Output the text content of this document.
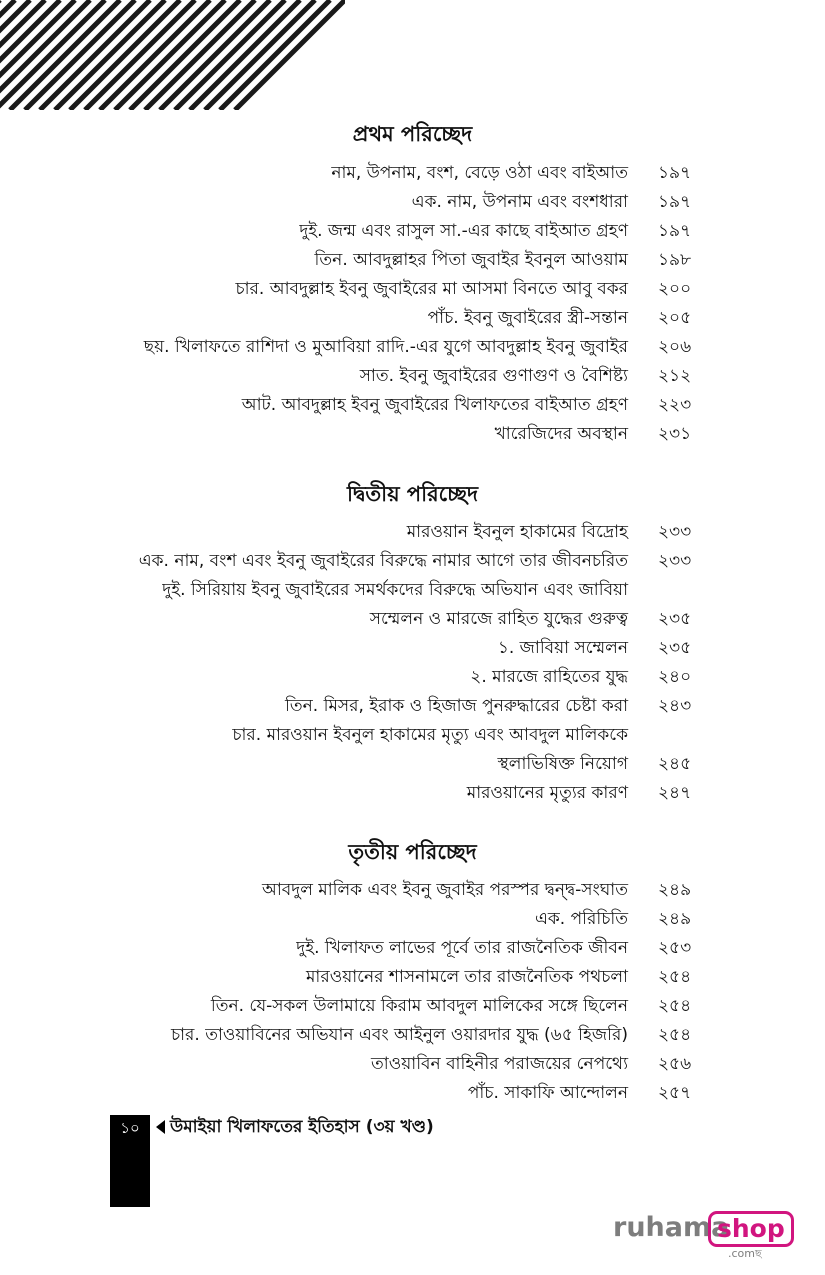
প্রথম পরিচ্ছেদ
নাম, উপনাম, বংশ, বেড়ে ওঠা এবং বাইআত ১৯৭
এক. নাম, উপনাম এবং বংশধারা ১৯৭
দুই. জন্ম এবং রাসুল সা.-এর কাছে বাইআত গ্রহণ ১৯৭
তিন. আবদুল্লাহর পিতা জুবাইর ইবনুল আওয়াম ১৯৮
চার. আবদুল্লাহ ইবনু জুবাইরের মা আসমা বিনতে আবু বকর ২০০
পাঁচ. ইবনু জুবাইরের স্ত্রী-সন্তান ২০৫
ছয়. খিলাফতে রাশিদা ও মুআবিয়া রাদি.-এর যুগে আবদুল্লাহ ইবনু জুবাইর ২০৬
সাত. ইবনু জুবাইরের গুণাগুণ ও বৈশিষ্ট্য ২১২
আট. আবদুল্লাহ ইবনু জুবাইরের খিলাফতের বাইআত গ্রহণ ২২৩
খারেজিদের অবস্থান ২৩১
দ্বিতীয় পরিচ্ছেদ
মারওয়ান ইবনুল হাকামের বিদ্রোহ ২৩৩
এক. নাম, বংশ এবং ইবনু জুবাইরের বিরুদ্ধে নামার আগে তার জীবনচরিত ২৩৩
দুই. সিরিয়ায় ইবনু জুবাইরের সমর্থকদের বিরুদ্ধে অভিযান এবং জাবিয়া
সম্মেলন ও মারজে রাহিত যুদ্ধের গুরুত্ব ২৩৫
১. জাবিয়া সম্মেলন ২৩৫
২. মারজে রাহিতের যুদ্ধ ২৪০
তিন. মিসর, ইরাক ও হিজাজ পুনরুদ্ধারের চেষ্টা করা ২৪৩
চার. মারওয়ান ইবনুল হাকামের মৃত্যু এবং আবদুল মালিককে
স্থলাভিষিক্ত নিয়োগ ২৪৫
মারওয়ানের মৃত্যুর কারণ ২৪৭
তৃতীয় পরিচ্ছেদ
আবদুল মালিক এবং ইবনু জুবাইর পরস্পর দ্বন্দ্ব-সংঘাত ২৪৯
এক. পরিচিতি ২৪৯
দুই. খিলাফত লাভের পূর্বে তার রাজনৈতিক জীবন ২৫৩
মারওয়ানের শাসনামলে তার রাজনৈতিক পথচলা ২৫৪
তিন. যে-সকল উলামায়ে কিরাম আবদুল মালিকের সঙ্গে ছিলেন ২৫৪
চার. তাওয়াবিনের অভিযান এবং আইনুল ওয়ারদার যুদ্ধ (৬৫ হিজরি) ২৫৪
তাওয়াবিন বাহিনীর পরাজয়ের নেপথ্যে ২৫৬
পাঁচ. সাকাফি আন্দোলন ২৫৭
১০	উমাইয়া খিলাফতের ইতিহাস (৩য় খণ্ড)
ruhama
shop
.comছ
